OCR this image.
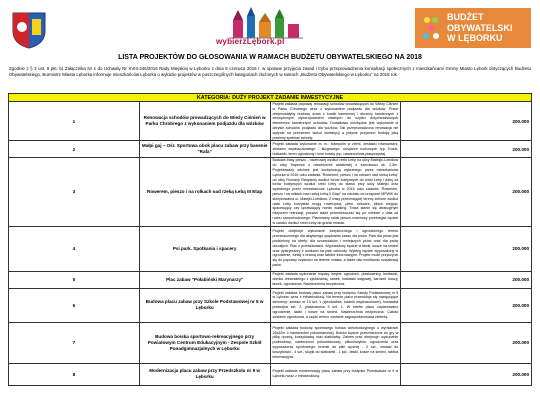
wybierzLębork.pl
BUDŻET
OBYWATELSKI
W LĘBORKU
LISTA PROJEKTÓW DO GŁOSOWANIA W RAMACH BUDŻETU OBYWATELSKIEGO NA 2018
Zgodnie z § 3 ust. 9 pkt. b) Załącznika Nr 1 do Uchwały Nr XVIII-246/2016 Rady Miejskiej w Lęborku z dnia 9 czerwca 2016 r. w sprawie przyjęcia zasad i trybu przeprowadzenia konsultacji społecznych z mieszkańcami Gminy Miasto Lębork dotyczących Budżetu Obywatelskiego, Burmistrz Miasta Lęborka informuje mieszkańców Lęborka o wykazie projektów w poszczególnych kategoriach złożonych w ramach „Budżetu Obywatelskiego w Lęborku" na 2018 rok.
KATEGORIA: DUŻY PROJEKT ZADANIE INWESTYCYJNE			
1	Renowacja schodów prowadzących do Wieży Ciśnień w Parku Chrobrego z wykonaniem podjazdu dla wózków	Projekt zakłada poprawę renowacji schodów prowadzących do Wieży Ciśnień w Parku Chrobrego wraz z wykonaniem podjazdu dla wózków. Prace obejmowałyby budowę ścian z kostki kamiennej i obrzeży kamiennych z zewnętrznym wykorzystaniem zdatnych do użytku dotychczasowych elementów kamiennych schodów. Dodatkowo niezbędne jest wykonanie w obrysie schodów podjazdu dla wózków. Tak przeprowadzona renowacja nie wpłynie na przestrzeń wokół inwestycji a jedynie przywróci funkcję jaką powinny spełniać schody.	200.000
2	Małpi gaj – Ośr. Sportowa obok placu zabaw przy basenie "Rafa"	Projekt zakłada wykonanie m. in.: trampolin w ziemi, zestawu równoważni, zestawu wspinaczkowego - ślizgowego, urządzeń ruchowych typ. Koszt, huśtawki, teren ogrodzony i inne koszty (np. nawierzchnia piaszczysta).	200.000
3	Rowerem, pieszo i na rolkach nad rzeką Łebą III Etap	Budowa trasy pieszo - rowerowej wzdłuż rzeki Łeby na ulicy Mateijki-Lotników do ulicy Saperów o nawierzchni asfaltowej o szerokości ok. 2,5m. Projektowany odcinek jest kontynuacją wybranego przez mieszkańców Lęborka w 2016 roku zadania "Rowerem, pieszo i na rolkach nad rzeką Łebą" od ulicy Romany Ranyskiej wzdłuż torów kolejowych do rzeki Łeby i dalej od torów kolejowych wzdłuż rzeki Łeby do stawu przy ulicy Matejki oraz wybranego przez mieszkańców Lęborka w 2016 roku zadania "Rowerem, pieszo i na rolkach nad rzeką Łebą II Etap" na odcinku od urządzeń MPWiK do skrzyżowania ul. Matejki-Lotników. Z trasy przecinającej tereny zielone wzdłuż rzeki Łeby korzystać mogą rowerzyści, piesi, rolkarze, kibice biegów, spacerujący czy uprawiający nordic walking. Trasa stanie się atrakcyjnym miejscem rekreacji, pozwoli także przemieszczać się po mieście z dala od ruchu samochodowego. Planowany szlak pieszo-rowerowy przebiegać będzie w całości wzdłuż rzeki Łeby do granic miasta.	200.000
4	Psi park. Spotkania i spacery	Projekt obejmuje wykonanie bezpiecznego i ogrodzonego terenu przeznaczonego dla aktywnego spędzania czasu dla psów. Park dla psów jest podzielony na strefy: dla szczeniaków i mniejszych psów oraz dla psów dorosłych. Plac z przeszkodami. Wyposażony będzie w ławki, kosze na śmieci oraz dystrybutory z workami na psie odchody. Wybieg będzie wyposażony w ogrodzenie, furtkę z bramą oraz tablice informacyjne. Projekt może przyczynić się do poprawy czystości na terenie miasta, a także dać możliwość socjalizacji psów.	200.000
5	Plac zabaw "Połabiński Marynarzy"	Projekt zakłada wykonanie między innymi: ogrodzeń, piaskownicy, huśtawki, domku drewnianego z zjeżdżalnią, sanek, huśtawki wagowej, karuzeli, koszy, ławek, ogrodzenia. Nawierzchnia bezpieczna.	200.000
6	Budowa placu zabaw przy Szkole Podstawowej nr 5 w Lęborku	Projekt zakłada budowę placu zabaw przy budynku Szkoły Podstawowej nr 5 w Lęborku wraz z infrastrukturą. Na terenie placu przewiduje się następujące elementy: zestaw nr 13 szt. 1 (zjeżdżalnia, ścianki wspinaczkowe), huśtawka podwójna szt. 2, piaskownica 3 szt. 1. W strefie placu zaplanowano ogrodzenie, ławki i kosze na śmieci. Nawierzchnia bezpieczna. Całość zostanie ogrodzona, a część terenu zostanie zagospodarowana zielenią.	200.000
7	Budowa boiska sportowo-rekreacyjnego przy Powiatowym Centrum Edukacyjnym - Zespole Szkół Ponadgimnazjalnych w Lęborku	Projekt zakłada budowę sportowego boiska wielofunkcyjnego o wymiarach 26x42m o nawierzchni poliuretanowej. Boisko będzie przeznaczone do gry w piłkę ręczną, koszykówkę oraz siatkówkę. Zakres prac obejmuje: wykonanie podbudowy, nawierzchni poliuretanowej, piłkochwytów, ogrodzenia oraz wyposażenia sportowego: bramki do piłki ręcznej - 2 szt., zestaw do koszykówki - 4 szt., słupki do siatkówki - 1 kpl., ławki, kosze na śmieci, tablica informacyjna.	200.000
8	Modernizacja placu zabaw przy Przedszkolu nr 9 w Lęborku	Projekt zakłada modernizację placu zabaw przy budynku Przedszkola nr 9 w Lęborku wraz z infrastrukturą.	200.000
